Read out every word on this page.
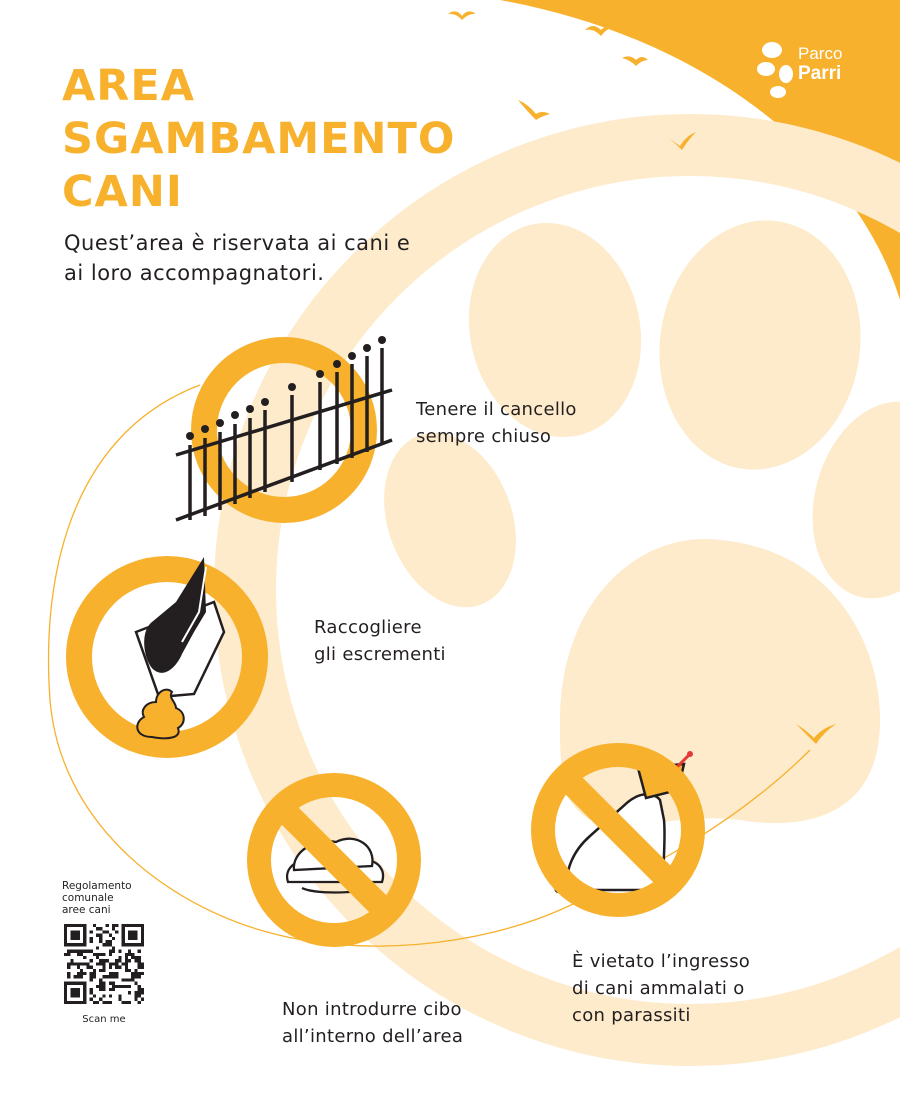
Parco
Parri
AREA
SGAMBAMENTO
CANI
Quest’area è riservata ai cani e
ai loro accompagnatori.
Tenere il cancello
sempre chiuso
Raccogliere
gli escrementi
Non introdurre cibo
all’interno dell’area
È vietato l’ingresso
di cani ammalati o
con parassiti
Regolamento
comunale
aree cani
Scan me
